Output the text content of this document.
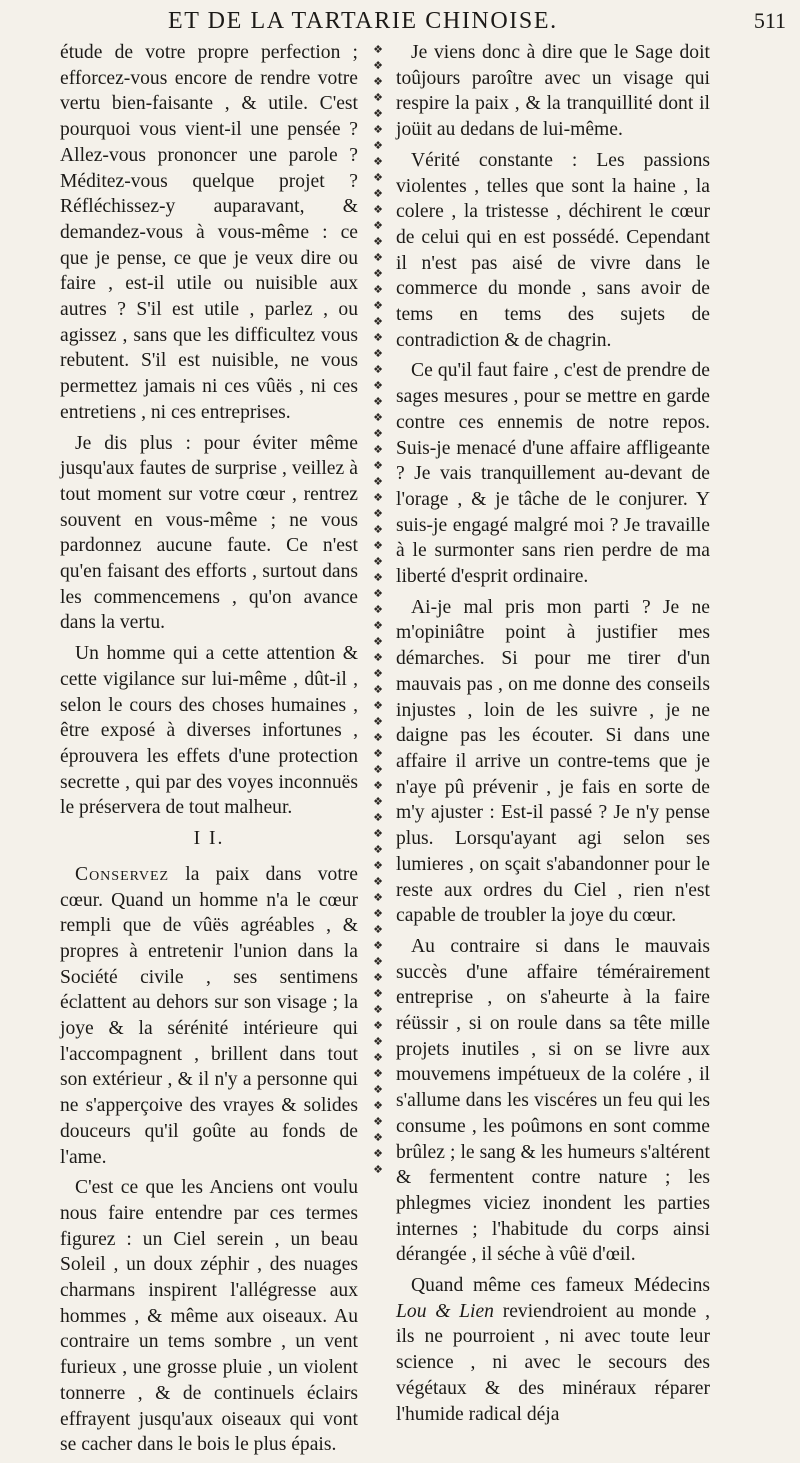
ET DE LA TARTARIE CHINOISE.	511

étude de votre propre perfection ; efforcez-vous encore de rendre votre vertu bien-faisante , & utile. C'est pourquoi vous vient-il une pensée ? Allez-vous prononcer une parole ? Méditez-vous quelque projet ? Réfléchissez-y auparavant, & demandez-vous à vous-même : ce que je pense, ce que je veux dire ou faire , est-il utile ou nuisible aux autres ? S'il est utile , parlez , ou agissez , sans que les difficultez vous rebutent. S'il est nuisible, ne vous permettez jamais ni ces vûës , ni ces entretiens , ni ces entreprises.

Je dis plus : pour éviter même jusqu'aux fautes de surprise , veillez à tout moment sur votre cœur , rentrez souvent en vous-même ; ne vous pardonnez aucune faute. Ce n'est qu'en faisant des efforts , surtout dans les commencemens , qu'on avance dans la vertu.

Un homme qui a cette attention & cette vigilance sur lui-même , dût-il , selon le cours des choses humaines , être exposé à diverses infortunes , éprouvera les effets d'une protection secrette , qui par des voyes inconnuës le préservera de tout malheur.

I I.

Conservez la paix dans votre cœur. Quand un homme n'a le cœur rempli que de vûës agréables , & propres à entretenir l'union dans la Société civile , ses sentimens éclattent au dehors sur son visage ; la joye & la sérénité intérieure qui l'accompagnent , brillent dans tout son extérieur , & il n'y a personne qui ne s'apperçoive des vrayes & solides douceurs qu'il goûte au fonds de l'ame.

C'est ce que les Anciens ont voulu nous faire entendre par ces termes figurez : un Ciel serein , un beau Soleil , un doux zéphir , des nuages charmans inspirent l'allégresse aux hommes , & même aux oiseaux. Au contraire un tems sombre , un vent furieux , une grosse pluie , un violent tonnerre , & de continuels éclairs effrayent jusqu'aux oiseaux qui vont se cacher dans le bois le plus épais.

❖
❖
❖
❖
❖
❖
❖
❖
❖
❖
❖
❖
❖
❖
❖
❖
❖
❖
❖
❖
❖
❖
❖
❖
❖
❖
❖
❖
❖
❖
❖
❖
❖
❖
❖
❖
❖
❖
❖
❖
❖
❖
❖
❖
❖
❖
❖
❖
❖
❖
❖
❖
❖
❖
❖
❖
❖
❖
❖
❖
❖
❖
❖
❖
❖
❖
❖
❖
❖
❖
❖

Je viens donc à dire que le Sage doit toûjours paroître avec un visage qui respire la paix , & la tranquillité dont il joüit au dedans de lui-même.

Vérité constante : Les passions violentes , telles que sont la haine , la colere , la tristesse , déchirent le cœur de celui qui en est possédé. Cependant il n'est pas aisé de vivre dans le commerce du monde , sans avoir de tems en tems des sujets de contradiction & de chagrin.

Ce qu'il faut faire , c'est de prendre de sages mesures , pour se mettre en garde contre ces ennemis de notre repos. Suis-je menacé d'une affaire affligeante ? Je vais tranquillement au-devant de l'orage , & je tâche de le conjurer. Y suis-je engagé malgré moi ? Je travaille à le surmonter sans rien perdre de ma liberté d'esprit ordinaire.

Ai-je mal pris mon parti ? Je ne m'opiniâtre point à justifier mes démarches. Si pour me tirer d'un mauvais pas , on me donne des conseils injustes , loin de les suivre , je ne daigne pas les écouter. Si dans une affaire il arrive un contre-tems que je n'aye pû prévenir , je fais en sorte de m'y ajuster : Est-il passé ? Je n'y pense plus. Lorsqu'ayant agi selon ses lumieres , on sçait s'abandonner pour le reste aux ordres du Ciel , rien n'est capable de troubler la joye du cœur.

Au contraire si dans le mauvais succès d'une affaire témérairement entreprise , on s'aheurte à la faire réüssir , si on roule dans sa tête mille projets inutiles , si on se livre aux mouvemens impétueux de la colére , il s'allume dans les viscéres un feu qui les consume , les poûmons en sont comme brûlez ; le sang & les humeurs s'altérent & fermentent contre nature ; les phlegmes viciez inondent les parties internes ; l'habitude du corps ainsi dérangée , il séche à vûë d'œil.

Quand même ces fameux Médecins Lou & Lien reviendroient au monde , ils ne pourroient , ni avec toute leur science , ni avec le secours des végétaux & des minéraux réparer l'humide radical déja
